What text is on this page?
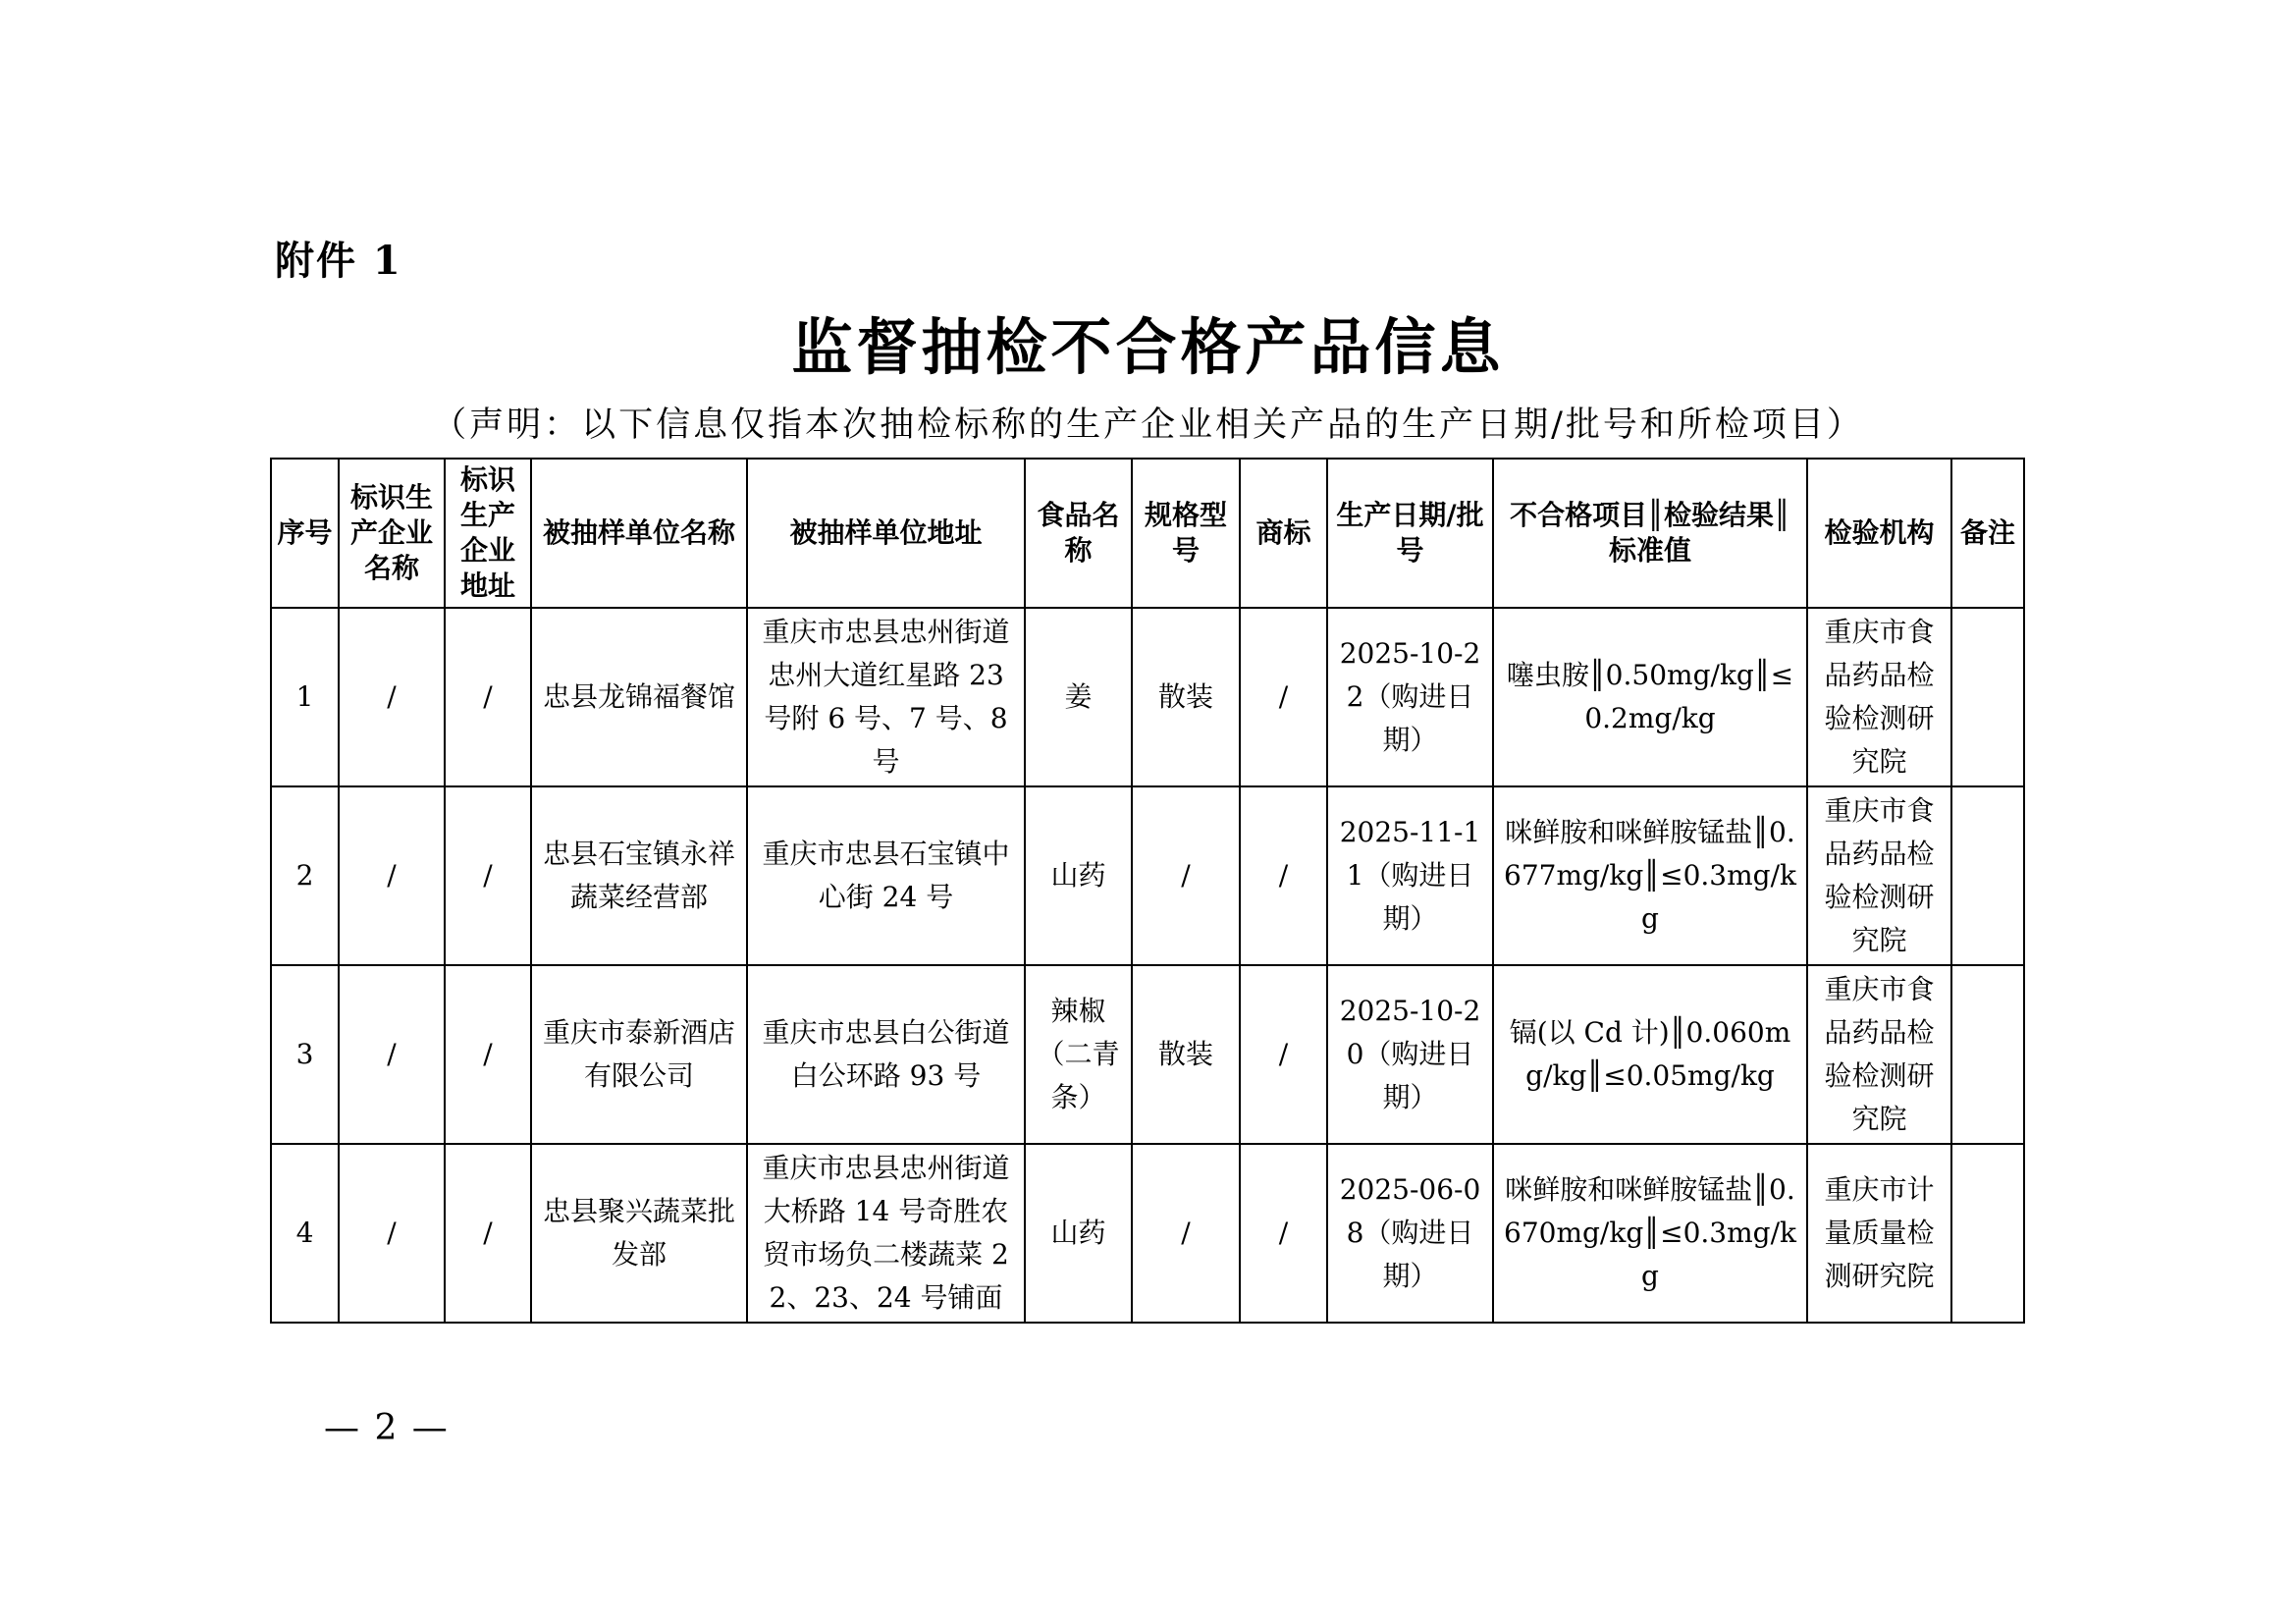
附件 1
监督抽检不合格产品信息
（声明：以下信息仅指本次抽检标称的生产企业相关产品的生产日期/批号和所检项目）
序号	标识生产企业名称	标识生产企业地址	被抽样单位名称	被抽样单位地址	食品名称	规格型号	商标	生产日期/批号	不合格项目║检验结果║标准值	检验机构	备注
1	/	/	忠县龙锦福餐馆	重庆市忠县忠州街道忠州大道红星路 23 号附 6 号、7 号、8 号	姜	散装	/	2025-10-22（购进日期）	噻虫胺║0.50mg/kg║≤0.2mg/kg	重庆市食品药品检验检测研究院	
2	/	/	忠县石宝镇永祥蔬菜经营部	重庆市忠县石宝镇中心街 24 号	山药	/	/	2025-11-11（购进日期）	咪鲜胺和咪鲜胺锰盐║0.677mg/kg║≤0.3mg/kg	重庆市食品药品检验检测研究院	
3	/	/	重庆市泰新酒店有限公司	重庆市忠县白公街道白公环路 93 号	辣椒（二青条）	散装	/	2025-10-20（购进日期）	镉(以 Cd 计)║0.060mg/kg║≤0.05mg/kg	重庆市食品药品检验检测研究院	
4	/	/	忠县聚兴蔬菜批发部	重庆市忠县忠州街道大桥路 14 号奇胜农贸市场负二楼蔬菜 22、23、24 号铺面	山药	/	/	2025-06-08（购进日期）	咪鲜胺和咪鲜胺锰盐║0.670mg/kg║≤0.3mg/kg	重庆市计量质量检测研究院	
— 2 —
